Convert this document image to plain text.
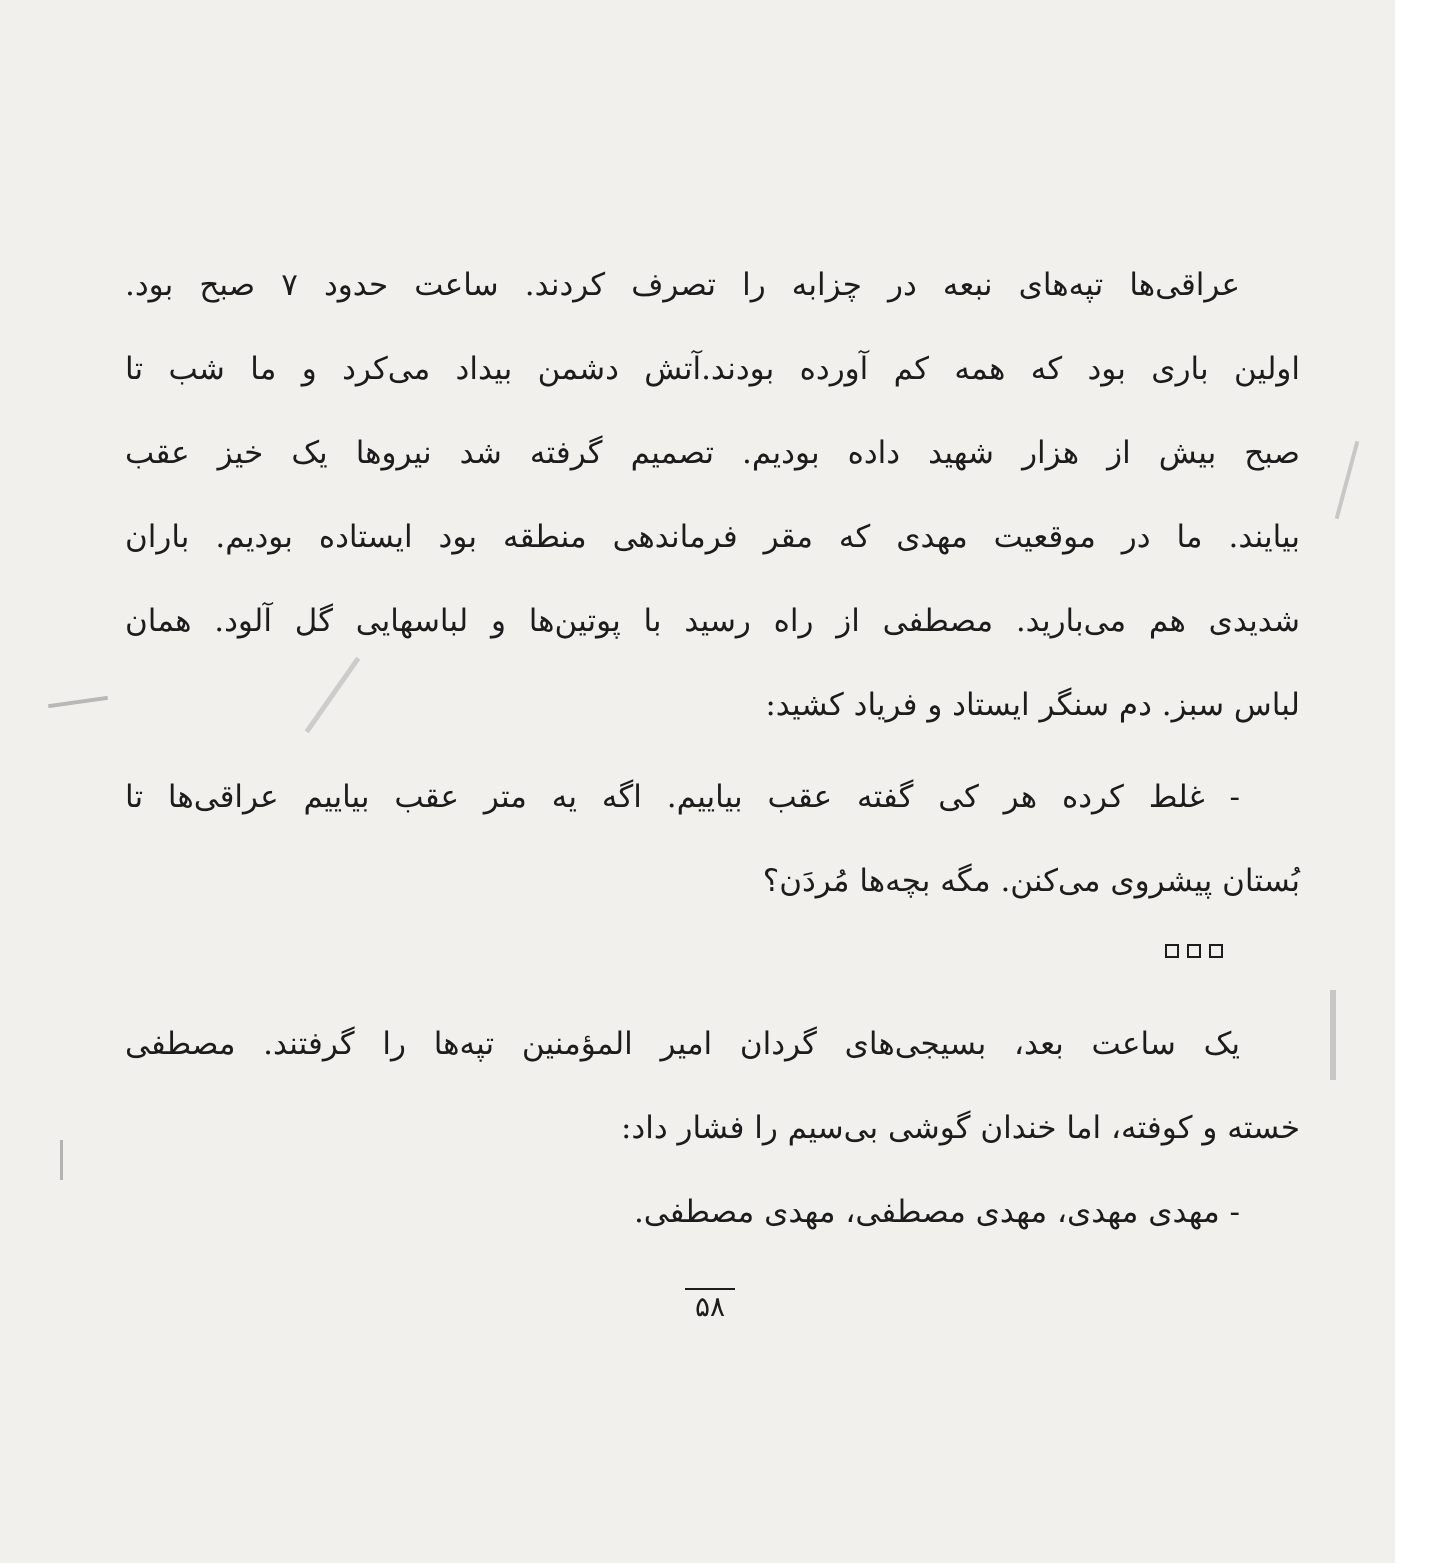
عراقی‌ها تپه‌های نبعه در چزابه را تصرف کردند. ساعت حدود ۷ صبح بود.
اولین باری بود که همه کم آورده بودند.آتش دشمن بیداد می‌کرد و ما شب تا
صبح بیش از هزار شهید داده بودیم. تصمیم گرفته شد نیروها یک خیز عقب
بیایند. ما در موقعیت مهدی که مقر فرماندهی منطقه بود ایستاده بودیم. باران
شدیدی هم می‌بارید. مصطفی از راه رسید با پوتین‌ها و لباسهایی گل آلود. همان
لباس سبز. دم سنگر ایستاد و فریاد کشید:
- غلط کرده هر کی گفته عقب بیاییم. اگه یه متر عقب بیاییم عراقی‌ها تا
بُستان پیشروی می‌کنن. مگه بچه‌ها مُردَن؟
یک ساعت بعد، بسیجی‌های گردان امیر المؤمنین تپه‌ها را گرفتند. مصطفی
خسته و کوفته، اما خندان گوشی بی‌سیم را فشار داد:
- مهدی مهدی، مهدی مصطفی، مهدی مصطفی.
۵۸
